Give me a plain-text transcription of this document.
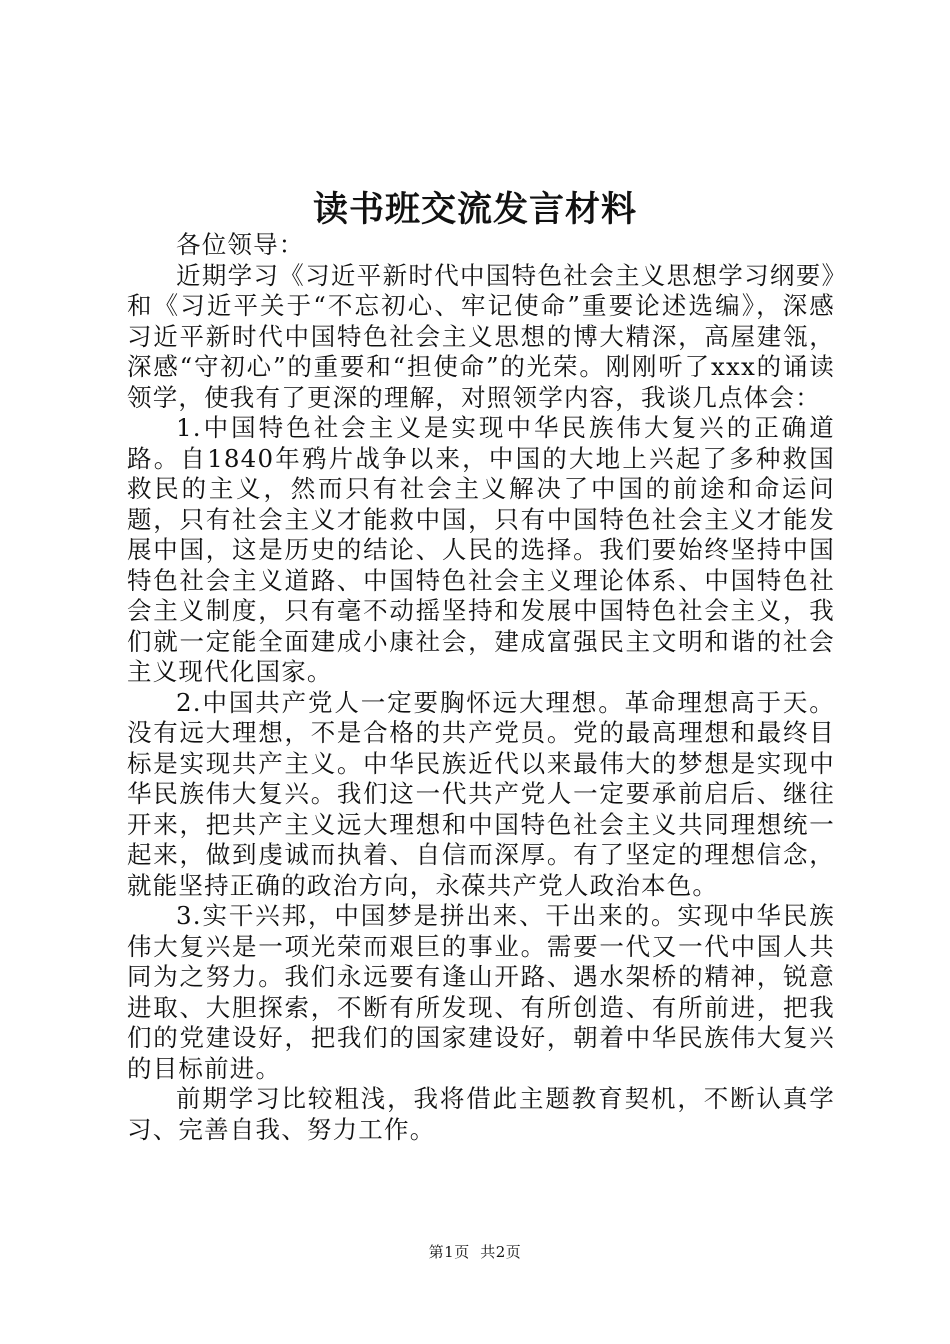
读书班交流发言材料

各位领导：

近期学习《习近平新时代中国特色社会主义思想学习纲要》和《习近平关于“不忘初心、牢记使命”重要论述选编》，深感习近平新时代中国特色社会主义思想的博大精深，高屋建瓴，深感“守初心”的重要和“担使命”的光荣。刚刚听了xxx的诵读领学，使我有了更深的理解，对照领学内容，我谈几点体会：

1.中国特色社会主义是实现中华民族伟大复兴的正确道路。自1840年鸦片战争以来，中国的大地上兴起了多种救国救民的主义，然而只有社会主义解决了中国的前途和命运问题，只有社会主义才能救中国，只有中国特色社会主义才能发展中国，这是历史的结论、人民的选择。我们要始终坚持中国特色社会主义道路、中国特色社会主义理论体系、中国特色社会主义制度，只有毫不动摇坚持和发展中国特色社会主义，我们就一定能全面建成小康社会，建成富强民主文明和谐的社会主义现代化国家。

2.中国共产党人一定要胸怀远大理想。革命理想高于天。没有远大理想，不是合格的共产党员。党的最高理想和最终目标是实现共产主义。中华民族近代以来最伟大的梦想是实现中华民族伟大复兴。我们这一代共产党人一定要承前启后、继往开来，把共产主义远大理想和中国特色社会主义共同理想统一起来，做到虔诚而执着、自信而深厚。有了坚定的理想信念，就能坚持正确的政治方向，永葆共产党人政治本色。

3.实干兴邦，中国梦是拼出来、干出来的。实现中华民族伟大复兴是一项光荣而艰巨的事业。需要一代又一代中国人共同为之努力。我们永远要有逢山开路、遇水架桥的精神，锐意进取、大胆探索，不断有所发现、有所创造、有所前进，把我们的党建设好，把我们的国家建设好，朝着中华民族伟大复兴的目标前进。

前期学习比较粗浅，我将借此主题教育契机，不断认真学习、完善自我、努力工作。

第1页 共2页
